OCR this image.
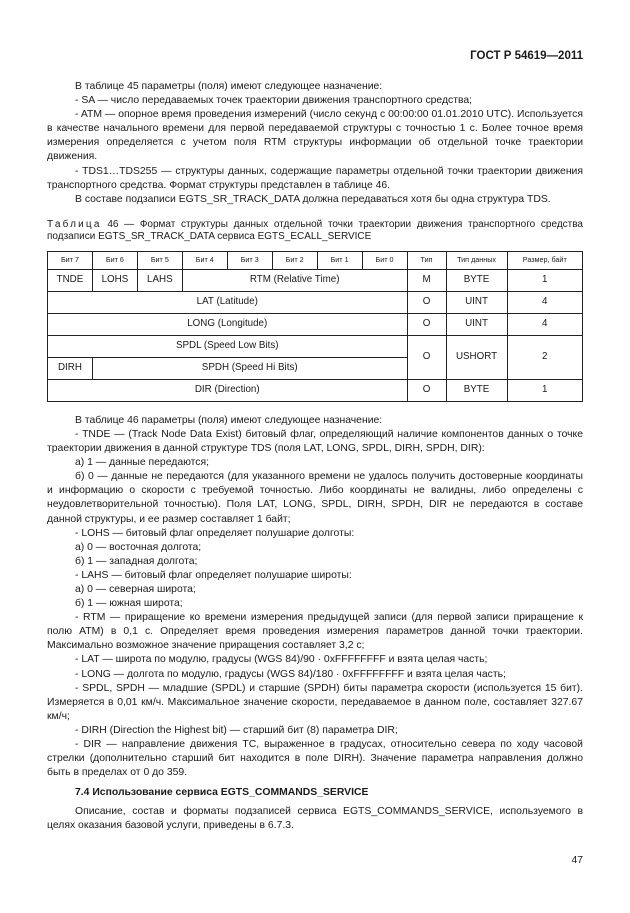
ГОСТ Р 54619—2011

В таблице 45 параметры (поля) имеют следующее назначение:

- SA — число передаваемых точек траектории движения транспортного средства;

- ATM — опорное время проведения измерений (число секунд с 00:00:00 01.01.2010 UTC). Используется в качестве начального времени для первой передаваемой структуры с точностью 1 с. Более точное время измерения определяется с учетом поля RTM структуры информации об отдельной точке траектории движения.

- TDS1…TDS255 — структуры данных, содержащие параметры отдельной точки траектории движения транспортного средства. Формат структуры представлен в таблице 46.

В составе подзаписи EGTS_SR_TRACK_DATA должна передаваться хотя бы одна структура TDS.

Таблица 46 — Формат структуры данных отдельной точки траектории движения транспортного средства подзаписи EGTS_SR_TRACK_DATA сервиса EGTS_ECALL_SERVICE

Бит 7	Бит 6	Бит 5	Бит 4	Бит 3	Бит 2	Бит 1	Бит 0	Тип	Тип данных	Размер, байт
TNDE	LOHS	LAHS	RTM (Relative Time)					M	BYTE	1
LAT (Latitude)								O	UINT	4
LONG (Longitude)								O	UINT	4
SPDL (Speed Low Bits)								O	USHORT	2
DIRH	SPDH (Speed Hi Bits)									
DIR (Direction)								O	BYTE	1

В таблице 46 параметры (поля) имеют следующее назначение:

- TNDE — (Track Node Data Exist) битовый флаг, определяющий наличие компонентов данных о точке траектории движения в данной структуре TDS (поля LAT, LONG, SPDL, DIRH, SPDH, DIR):

а) 1 — данные передаются;

б) 0 — данные не передаются (для указанного времени не удалось получить достоверные координаты и информацию о скорости с требуемой точностью. Либо координаты не валидны, либо определены с неудовлетворительной точностью). Поля LAT, LONG, SPDL, DIRH, SPDH, DIR не передаются в составе данной структуры, и ее размер составляет 1 байт;

- LOHS — битовый флаг определяет полушарие долготы:

а) 0 — восточная долгота;

б) 1 — западная долгота;

- LAHS — битовый флаг определяет полушарие широты:

а) 0 — северная широта;

б) 1 — южная широта;

- RTM — приращение ко времени измерения предыдущей записи (для первой записи приращение к полю ATM) в 0,1 с. Определяет время проведения измерения параметров данной точки траектории. Максимально возможное значение приращения составляет 3,2 с;

- LAT — широта по модулю, градусы (WGS 84)/90 · 0xFFFFFFFF и взята целая часть;

- LONG — долгота по модулю, градусы (WGS 84)/180 · 0xFFFFFFFF и взята целая часть;

- SPDL, SPDH — младшие (SPDL) и старшие (SPDH) биты параметра скорости (используется 15 бит). Измеряется в 0,01 км/ч. Максимальное значение скорости, передаваемое в данном поле, составляет 327.67 км/ч;

- DIRH (Direction the Highest bit) — старший бит (8) параметра DIR;

- DIR — направление движения ТС, выраженное в градусах, относительно севера по ходу часовой стрелки (дополнительно старший бит находится в поле DIRH). Значение параметра направления должно быть в пределах от 0 до 359.

7.4 Использование сервиса EGTS_COMMANDS_SERVICE

Описание, состав и форматы подзаписей сервиса EGTS_COMMANDS_SERVICE, используемого в целях оказания базовой услуги, приведены в 6.7.3.

47
